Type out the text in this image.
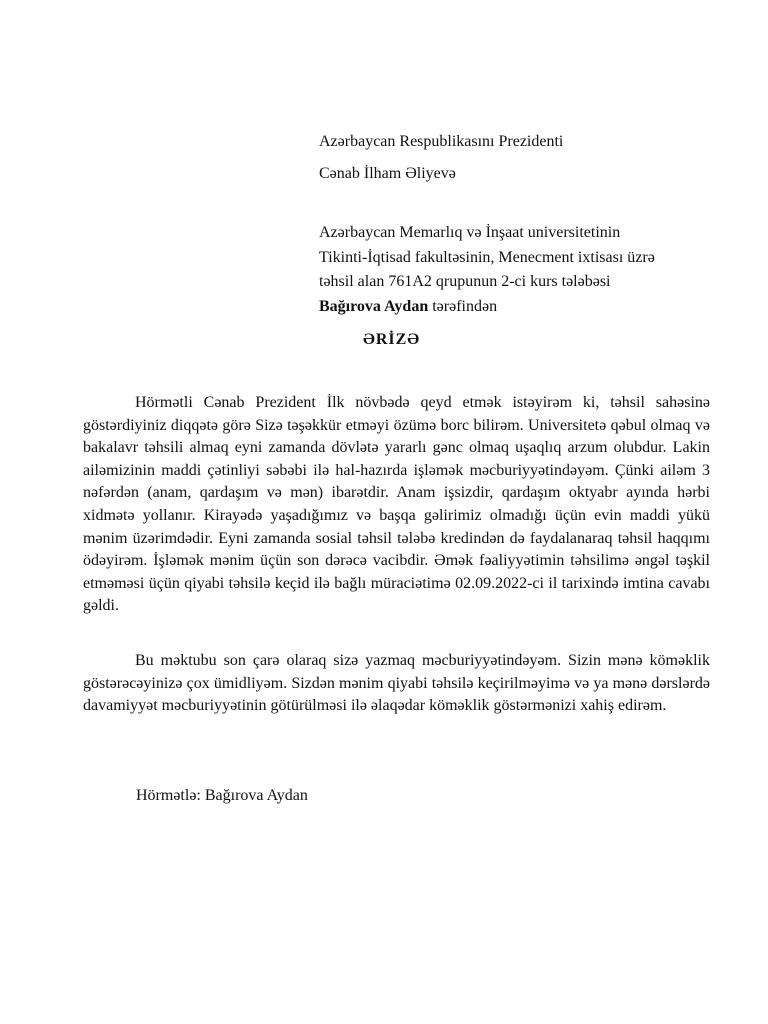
Azərbaycan Respublikasını Prezidenti
Cənab İlham Əliyevə
Azərbaycan Memarlıq və İnşaat universitetinin
Tikinti-İqtisad fakultəsinin, Menecment ixtisası üzrə
təhsil alan 761A2 qrupunun 2-ci kurs tələbəsi
Bağırova Aydan tərəfindən
ƏRİZƏ

Hörmətli Cənab Prezident İlk növbədə qeyd etmək istəyirəm ki, təhsil sahəsinə göstərdiyiniz diqqətə görə Sizə təşəkkür etməyi özümə borc bilirəm. Universitetə qəbul olmaq və bakalavr təhsili almaq eyni zamanda dövlətə yararlı gənc olmaq uşaqlıq arzum olubdur. Lakin ailəmizinin maddi çətinliyi səbəbi ilə hal-hazırda işləmək məcburiyyətindəyəm. Çünki ailəm 3 nəfərdən (anam, qardaşım və mən) ibarətdir. Anam işsizdir, qardaşım oktyabr ayında hərbi xidmətə yollanır. Kirayədə yaşadığımız və başqa gəlirimiz olmadığı üçün evin maddi yükü mənim üzərimdədir. Eyni zamanda sosial təhsil tələbə kredindən də faydalanaraq təhsil haqqımı ödəyirəm. İşləmək mənim üçün son dərəcə vacibdir. Əmək fəaliyyətimin təhsilimə əngəl təşkil etməməsi üçün qiyabi təhsilə keçid ilə bağlı müraciətimə 02.09.2022-ci il tarixində imtina cavabı gəldi.

Bu məktubu son çarə olaraq sizə yazmaq məcburiyyətindəyəm. Sizin mənə köməklik göstərəcəyinizə çox ümidliyəm. Sizdən mənim qiyabi təhsilə keçirilməyimə və ya mənə dərslərdə davamiyyət məcburiyyətinin götürülməsi ilə əlaqədar köməklik göstərmənizi xahiş edirəm.

Hörmətlə: Bağırova Aydan
